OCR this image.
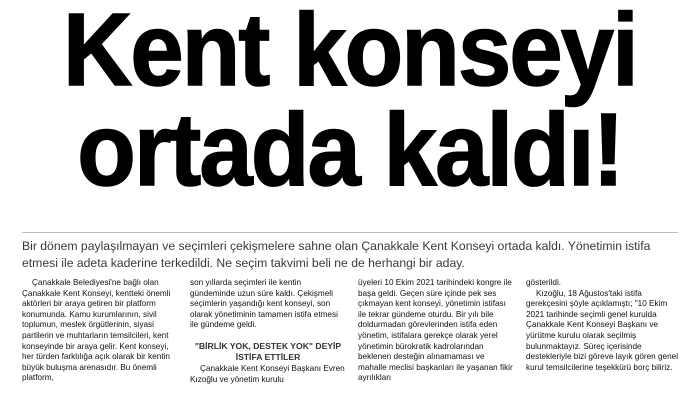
Kent konseyi
ortada kaldı!

Bir dönem paylaşılmayan ve seçimleri çekişmelere sahne olan Çanakkale Kent Konseyi ortada kaldı. Yönetimin istifa etmesi ile adeta kaderine terkedildi. Ne seçim takvimi beli ne de herhangi bir aday.

Çanakkale Belediyesi'ne bağlı olan Çanakkale Kent Konseyi, kentteki önemli aktörleri bir araya getiren bir platform konumunda. Kamu kurumlarının, sivil toplumun, meslek örgütlerinin, siyasi partilerin ve muhtarların temsilcileri, kent konseyinde bir araya gelir. Kent konseyi, her türden farklılığa açık olarak bir kentin büyük buluşma arenasıdır. Bu önemli platform,

son yıllarda seçimleri ile kentin gündeminde uzun süre kaldı. Çekişmeli seçimlerin yaşandığı kent konseyi, son olarak yönetiminin tamamen istifa etmesi ile gündeme geldi.

"BİRLİK YOK, DESTEK YOK" DEYİP İSTİFA ETTİLER

Çanakkale Kent Konseyi Başkanı Evren Kızoğlu ve yönetim kurulu

üyeleri 10 Ekim 2021 tarihindeki kongre ile başa geldi. Geçen süre içinde pek ses çıkmayan kent konseyi, yönetimin istifası ile tekrar gündeme oturdu. Bir yılı bile doldurmadan görevlerinden istifa eden yönetim, istifalara gerekçe olarak yerel yönetimin bürokratik kadrolarından beklenen desteğin alınamaması ve mahalle meclisi başkanları ile yaşanan fikir ayrılıkları

gösterildi.

Kızoğlu, 18 Ağustos'taki istifa gerekçesini şöyle açıklamıştı; "10 Ekim 2021 tarihinde seçimli genel kurulda Çanakkale Kent Konseyi Başkanı ve yürütme kurulu olarak seçilmiş bulunmaktayız. Süreç içerisinde destekleriyle bizi göreve layık gören genel kurul temsilcilerine teşekkürü borç biliriz.
